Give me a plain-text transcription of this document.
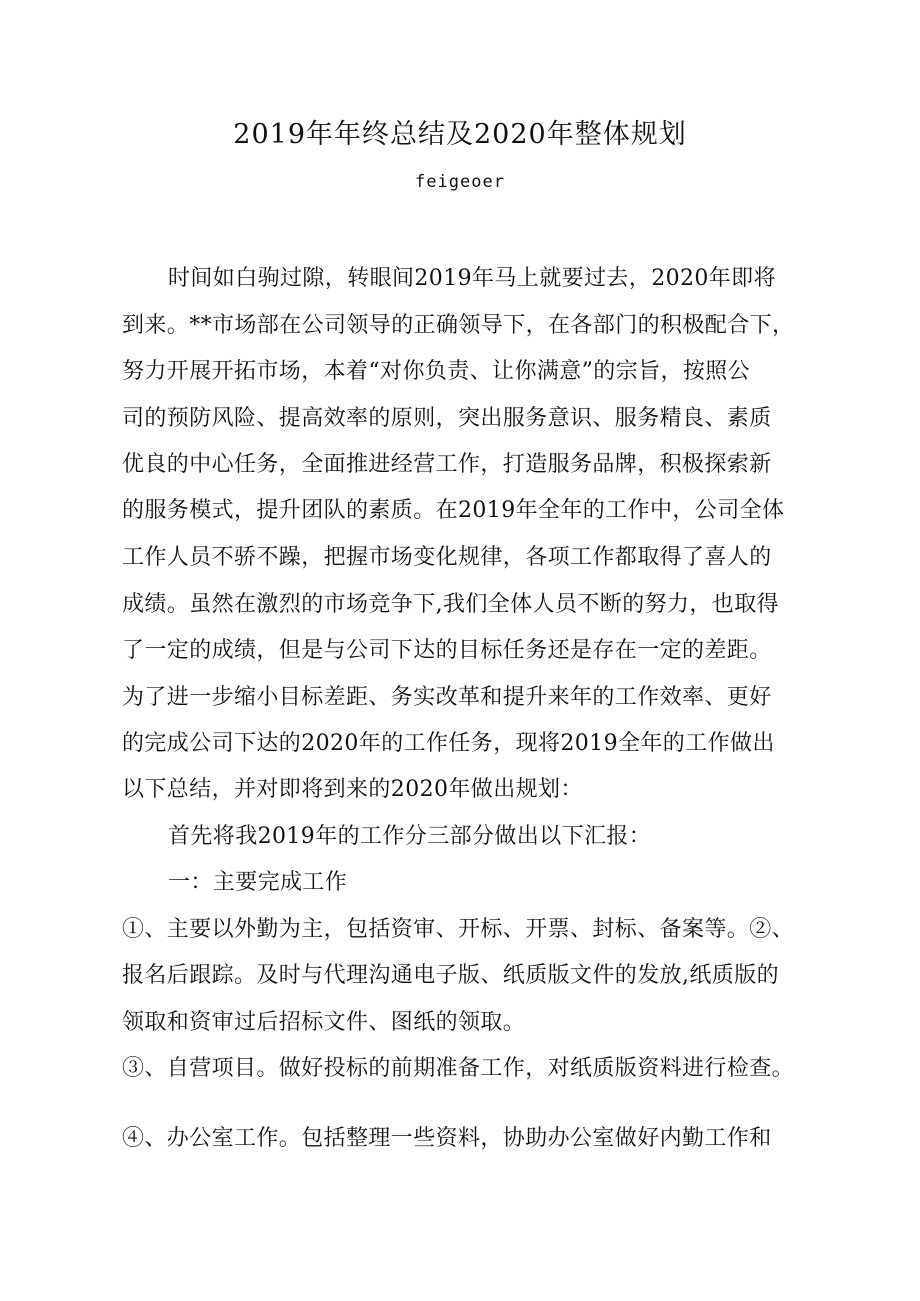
2019年年终总结及2020年整体规划
feigeoer
时间如白驹过隙，转眼间2019年马上就要过去，2020年即将
到来。**市场部在公司领导的正确领导下，在各部门的积极配合下，
努力开展开拓市场，本着“对你负责、让你满意”的宗旨，按照公
司的预防风险、提高效率的原则，突出服务意识、服务精良、素质
优良的中心任务，全面推进经营工作，打造服务品牌，积极探索新
的服务模式，提升团队的素质。在2019年全年的工作中，公司全体
工作人员不骄不躁，把握市场变化规律，各项工作都取得了喜人的
成绩。虽然在激烈的市场竞争下,我们全体人员不断的努力，也取得
了一定的成绩，但是与公司下达的目标任务还是存在一定的差距。
为了进一步缩小目标差距、务实改革和提升来年的工作效率、更好
的完成公司下达的2020年的工作任务，现将2019全年的工作做出
以下总结，并对即将到来的2020年做出规划：
首先将我2019年的工作分三部分做出以下汇报：
一：主要完成工作
①、主要以外勤为主，包括资审、开标、开票、封标、备案等。②、
报名后跟踪。及时与代理沟通电子版、纸质版文件的发放,纸质版的
领取和资审过后招标文件、图纸的领取。
③、自营项目。做好投标的前期准备工作，对纸质版资料进行检查。
④、办公室工作。包括整理一些资料，协助办公室做好内勤工作和
